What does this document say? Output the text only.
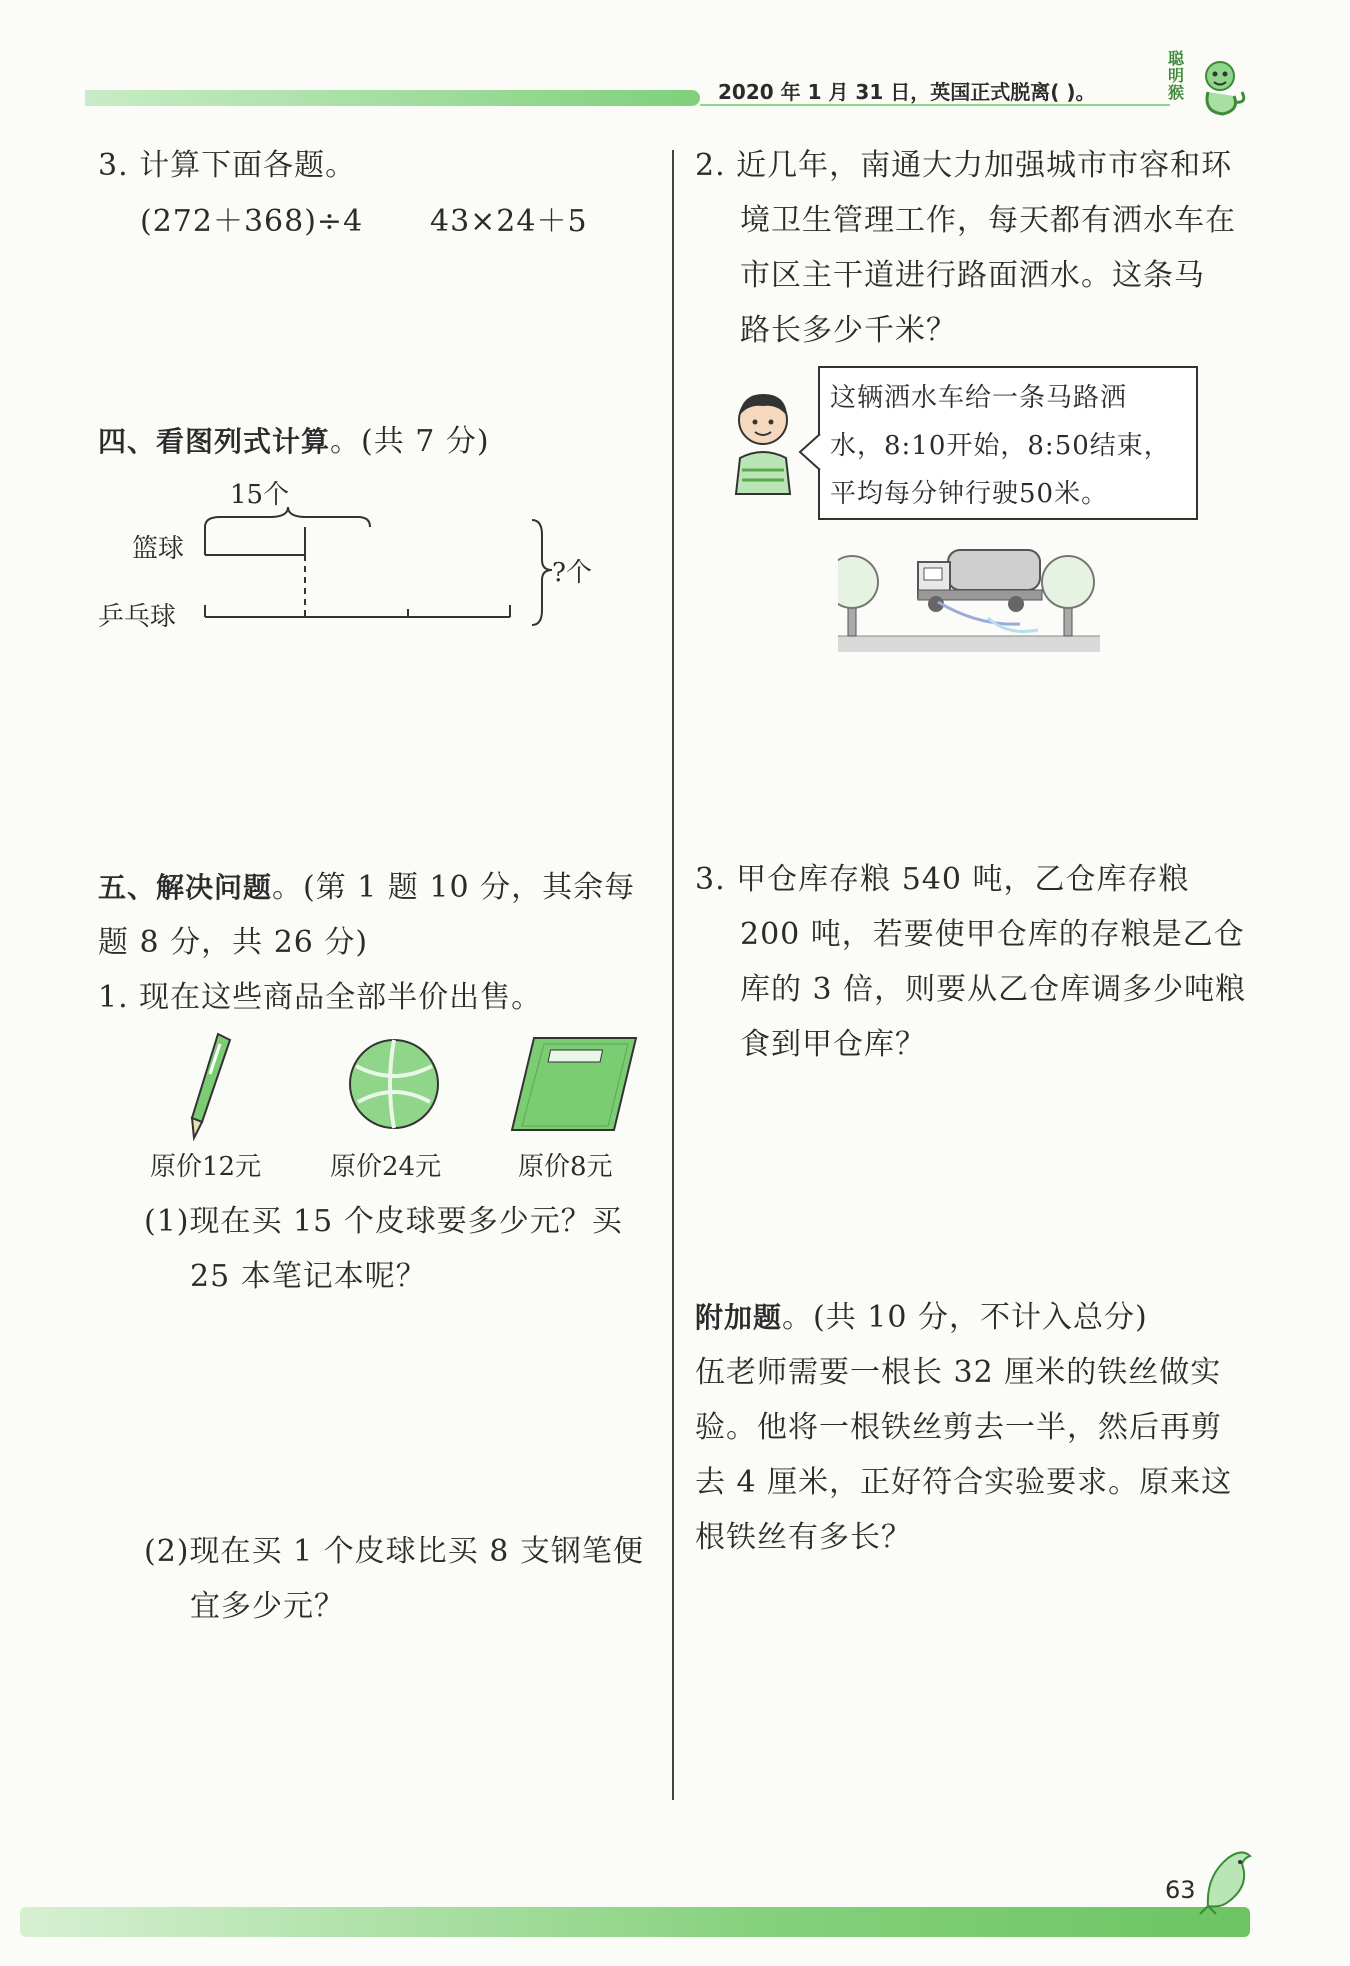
2020 年 1 月 31 日，英国正式脱离( )。
聪明猴
3. 计算下面各题。
(272＋368)÷4 43×24＋5
四、看图列式计算。(共 7 分)
15个
篮球
乒乓球
?个
五、解决问题。(第 1 题 10 分，其余每
题 8 分，共 26 分)
1. 现在这些商品全部半价出售。
原价12元	原价24元	原价8元
(1)现在买 15 个皮球要多少元？买
25 本笔记本呢？
(2)现在买 1 个皮球比买 8 支钢笔便
宜多少元？
2. 近几年，南通大力加强城市市容和环
境卫生管理工作，每天都有洒水车在
市区主干道进行路面洒水。这条马
路长多少千米？
这辆洒水车给一条马路洒
水，8:10开始，8:50结束，
平均每分钟行驶50米。
3. 甲仓库存粮 540 吨，乙仓库存粮
200 吨，若要使甲仓库的存粮是乙仓
库的 3 倍，则要从乙仓库调多少吨粮
食到甲仓库？
附加题。(共 10 分，不计入总分)
伍老师需要一根长 32 厘米的铁丝做实
验。他将一根铁丝剪去一半，然后再剪
去 4 厘米，正好符合实验要求。原来这
根铁丝有多长？
63
